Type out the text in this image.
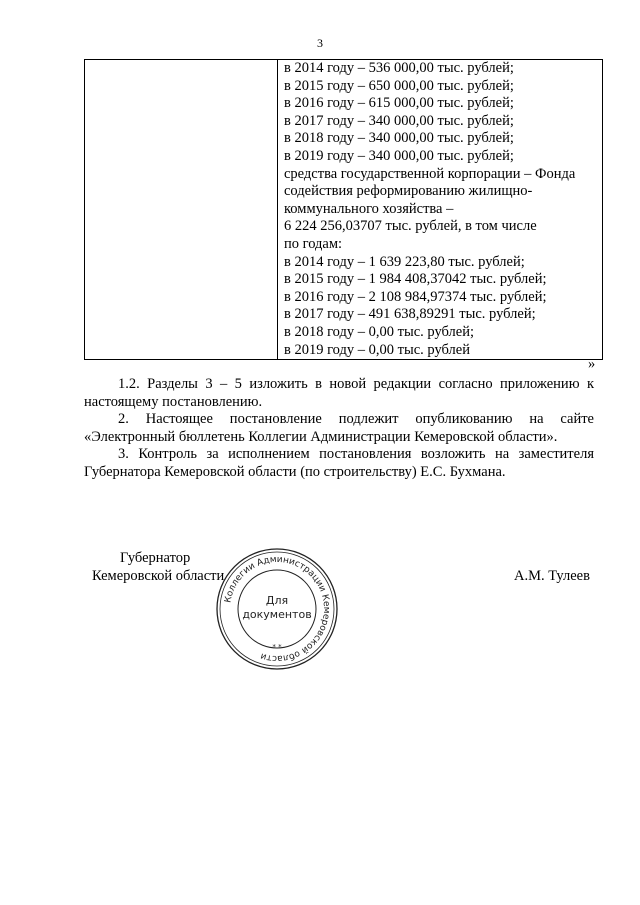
3

в 2014 году – 536 000,00 тыс. рублей;
в 2015 году – 650 000,00 тыс. рублей;
в 2016 году – 615 000,00 тыс. рублей;
в 2017 году – 340 000,00 тыс. рублей;
в 2018 году – 340 000,00 тыс. рублей;
в 2019 году – 340 000,00 тыс. рублей;
средства государственной корпорации – Фонда
содействия реформированию жилищно-
коммунального хозяйства –
6 224 256,03707 тыс. рублей, в том числе
по годам:
в 2014 году – 1 639 223,80 тыс. рублей;
в 2015 году – 1 984 408,37042 тыс. рублей;
в 2016 году – 2 108 984,97374 тыс. рублей;
в 2017 году – 491 638,89291 тыс. рублей;
в 2018 году – 0,00 тыс. рублей;
в 2019 году – 0,00 тыс. рублей
»
1.2. Разделы 3 – 5 изложить в новой редакции согласно приложению к
настоящему постановлению.
2. Настоящее постановление подлежит опубликованию на сайте
«Электронный бюллетень Коллегии Администрации Кемеровской области».
3. Контроль за исполнением постановления возложить на заместителя
Губернатора Кемеровской области (по строительству) Е.С. Бухмана.
Губернатор
Кемеровской области	А.М. Тулеев
Коллегии Администрации Кемеровской области
Для
документов
* *
